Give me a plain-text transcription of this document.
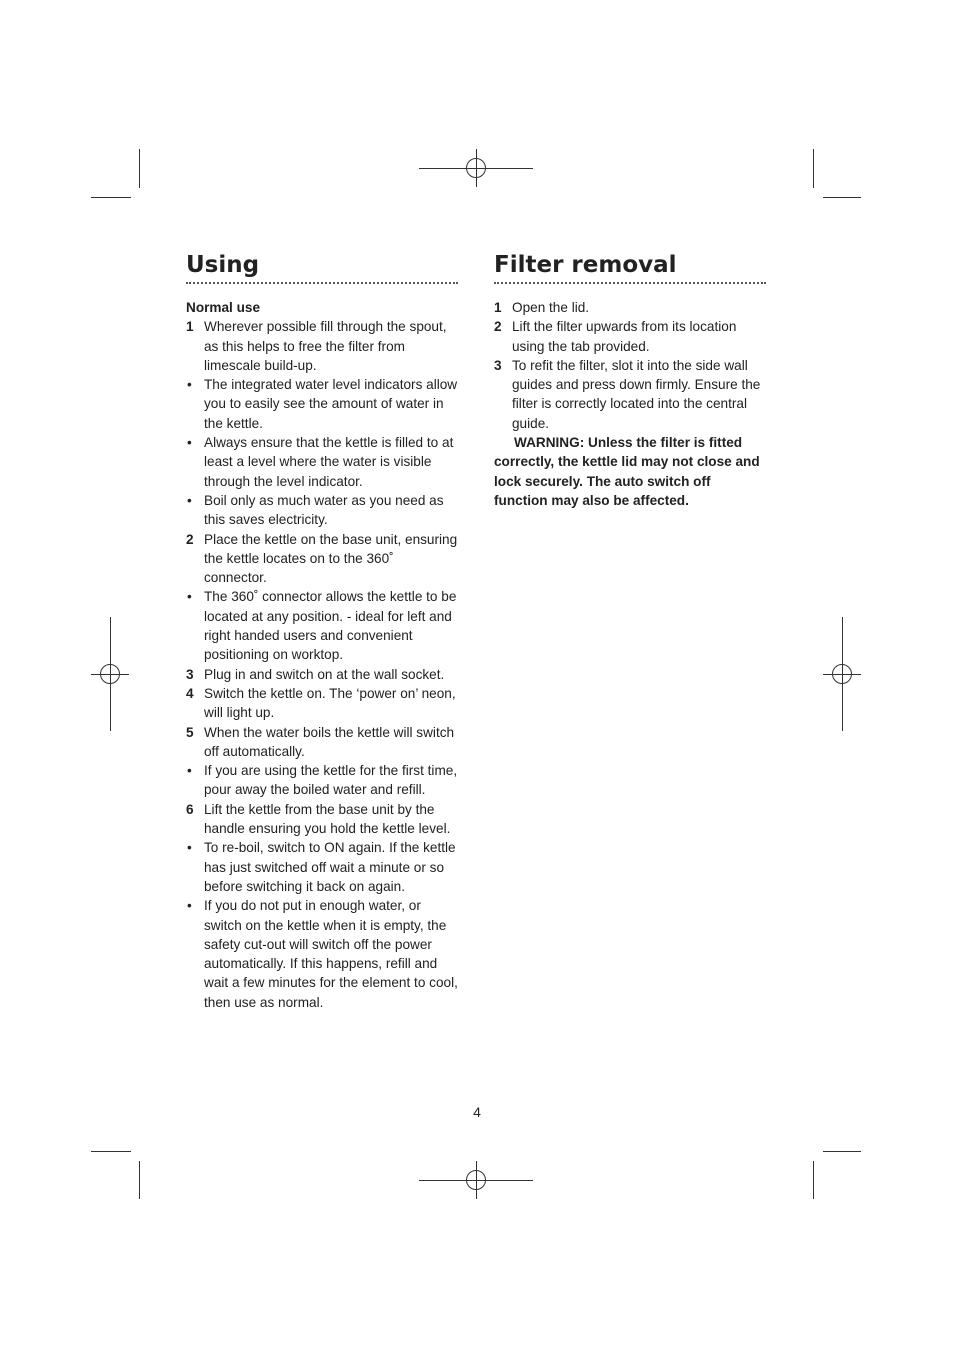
Using
Normal use
1 Wherever possible fill through the spout, as this helps to free the filter from limescale build-up.
• The integrated water level indicators allow you to easily see the amount of water in the kettle.
• Always ensure that the kettle is filled to at least a level where the water is visible through the level indicator.
• Boil only as much water as you need as this saves electricity.
2 Place the kettle on the base unit, ensuring the kettle locates on to the 360˚ connector.
• The 360˚ connector allows the kettle to be located at any position. - ideal for left and right handed users and convenient positioning on worktop.
3 Plug in and switch on at the wall socket.
4 Switch the kettle on. The ‘power on’ neon, will light up.
5 When the water boils the kettle will switch off automatically.
• If you are using the kettle for the first time, pour away the boiled water and refill.
6 Lift the kettle from the base unit by the handle ensuring you hold the kettle level.
• To re-boil, switch to ON again. If the kettle has just switched off wait a minute or so before switching it back on again.
• If you do not put in enough water, or switch on the kettle when it is empty, the safety cut-out will switch off the power automatically. If this happens, refill and wait a few minutes for the element to cool, then use as normal.
Filter removal
1 Open the lid.
2 Lift the filter upwards from its location using the tab provided.
3 To refit the filter, slot it into the side wall guides and press down firmly. Ensure the filter is correctly located into the central guide.
WARNING: Unless the filter is fitted correctly, the kettle lid may not close and lock securely. The auto switch off function may also be affected.
4
